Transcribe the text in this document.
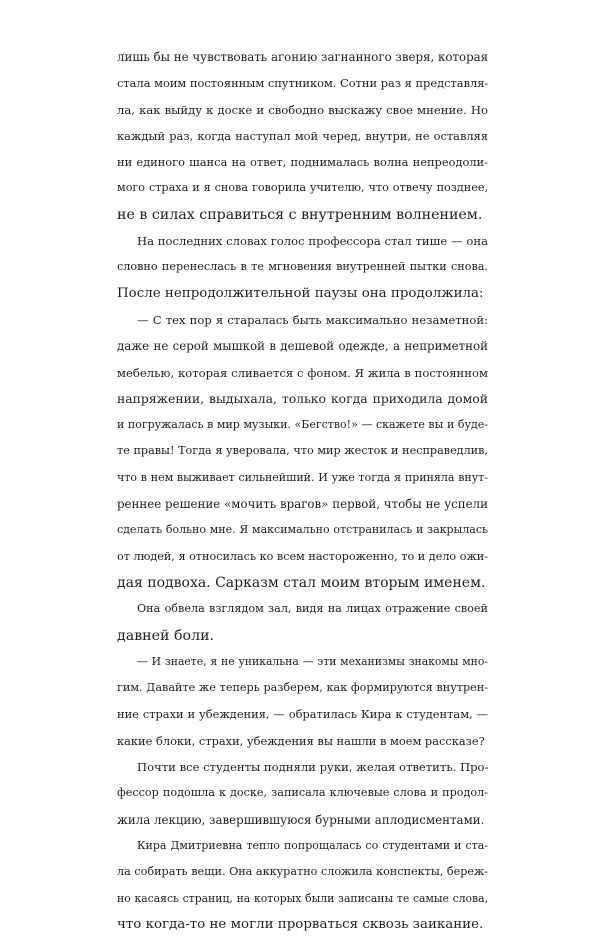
лишь бы не чувствовать агонию загнанного зверя, которая
стала моим постоянным спутником. Сотни раз я представля-
ла, как выйду к доске и свободно выскажу свое мнение. Но
каждый раз, когда наступал мой черед, внутри, не оставляя
ни единого шанса на ответ, поднималась волна непреодоли-
мого страха и я снова говорила учителю, что отвечу позднее,
не в силах справиться с внутренним волнением.
На последних словах голос профессора стал тише — она
словно перенеслась в те мгновения внутренней пытки снова.
После непродолжительной паузы она продолжила:
— С тех пор я старалась быть максимально незаметной:
даже не серой мышкой в дешевой одежде, а неприметной
мебелью, которая сливается с фоном. Я жила в постоянном
напряжении, выдыхала, только когда приходила домой
и погружалась в мир музыки. «Бегство!» — скажете вы и буде-
те правы! Тогда я уверовала, что мир жесток и несправедлив,
что в нем выживает сильнейший. И уже тогда я приняла внут-
реннее решение «мочить врагов» первой, чтобы не успели
сделать больно мне. Я максимально отстранилась и закрылась
от людей, я относилась ко всем настороженно, то и дело ожи-
дая подвоха. Сарказм стал моим вторым именем.
Она обвела взглядом зал, видя на лицах отражение своей
давней боли.
— И знаете, я не уникальна — эти механизмы знакомы мно-
гим. Давайте же теперь разберем, как формируются внутрен-
ние страхи и убеждения, — обратилась Кира к студентам, —
какие блоки, страхи, убеждения вы нашли в моем рассказе?
Почти все студенты подняли руки, желая ответить. Про-
фессор подошла к доске, записала ключевые слова и продол-
жила лекцию, завершившуюся бурными аплодисментами.
Кира Дмитриевна тепло попрощалась со студентами и ста-
ла собирать вещи. Она аккуратно сложила конспекты, береж-
но касаясь страниц, на которых были записаны те самые слова,
что когда-то не могли прорваться сквозь заикание.
